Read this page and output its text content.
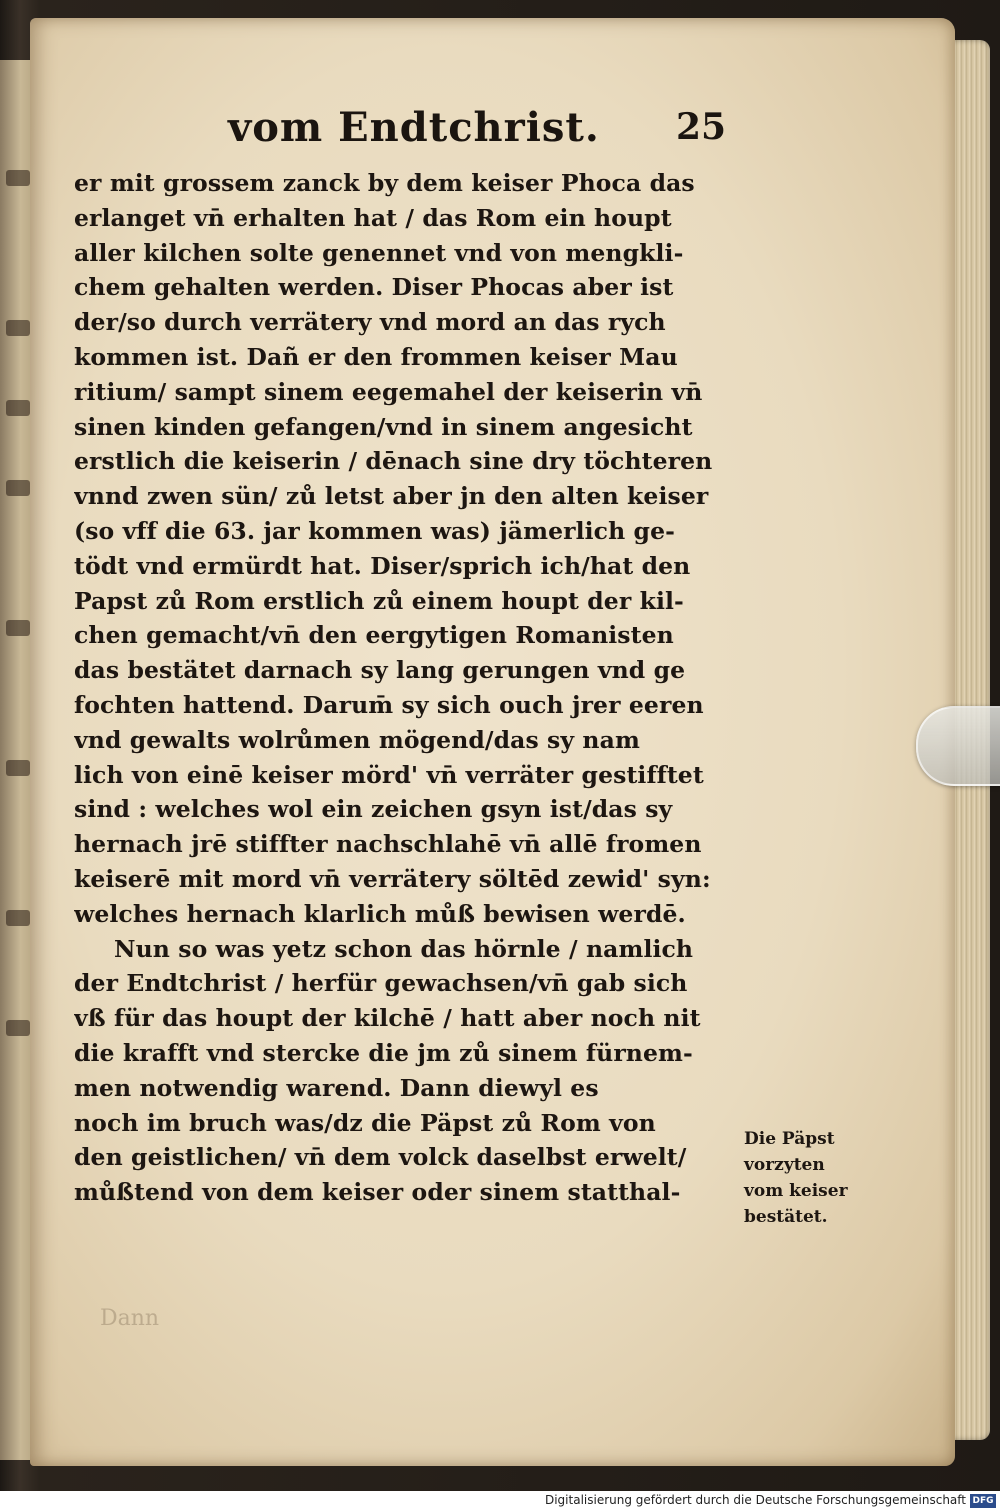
vom Endtchrist. 25
er mit grossem zanck by dem keiser Phoca das
erlanget vn̄ erhalten hat / das Rom ein houpt
aller kilchen solte genennet vnd von mengkli-
chem gehalten werden. Diser Phocas aber ist
der/so durch verrätery vnd mord an das rych
kommen ist. Dañ er den frommen keiser Mau
ritium/ sampt sinem eegemahel der keiserin vn̄
sinen kinden gefangen/vnd in sinem angesicht
erstlich die keiserin / dēnach sine dry töchteren
vnnd zwen sün/ zů letst aber jn den alten keiser
(so vff die 63. jar kommen was) jämerlich ge-
tödt vnd ermürdt hat. Diser/sprich ich/hat den
Papst zů Rom erstlich zů einem houpt der kil-
chen gemacht/vn̄ den eergytigen Romanisten
das bestätet darnach sy lang gerungen vnd ge
fochten hattend. Darum̄ sy sich ouch jrer eeren
vnd gewalts wolrůmen mögend/das sy nam
lich von einē keiser mörd' vn̄ verräter gestifftet
sind : welches wol ein zeichen gsyn ist/das sy
hernach jrē stiffter nachschlahē vn̄ allē fromen
keiserē mit mord vn̄ verrätery söltēd zewid' syn:
welches hernach klarlich můß bewisen werdē.
Nun so was yetz schon das hörnle / namlich
der Endtchrist / herfür gewachsen/vn̄ gab sich
vß für das houpt der kilchē / hatt aber noch nit
die krafft vnd stercke die jm zů sinem fürnem-
men notwendig warend. Dann diewyl es
noch im bruch was/dz die Päpst zů Rom von
den geistlichen/ vn̄ dem volck daselbst erwelt/
můßtend von dem keiser oder sinem statthal-
Die Päpst
vorzyten
vom keiser
bestätet.
Dann
Digitalisierung gefördert durch die Deutsche Forschungsgemeinschaft DFG
